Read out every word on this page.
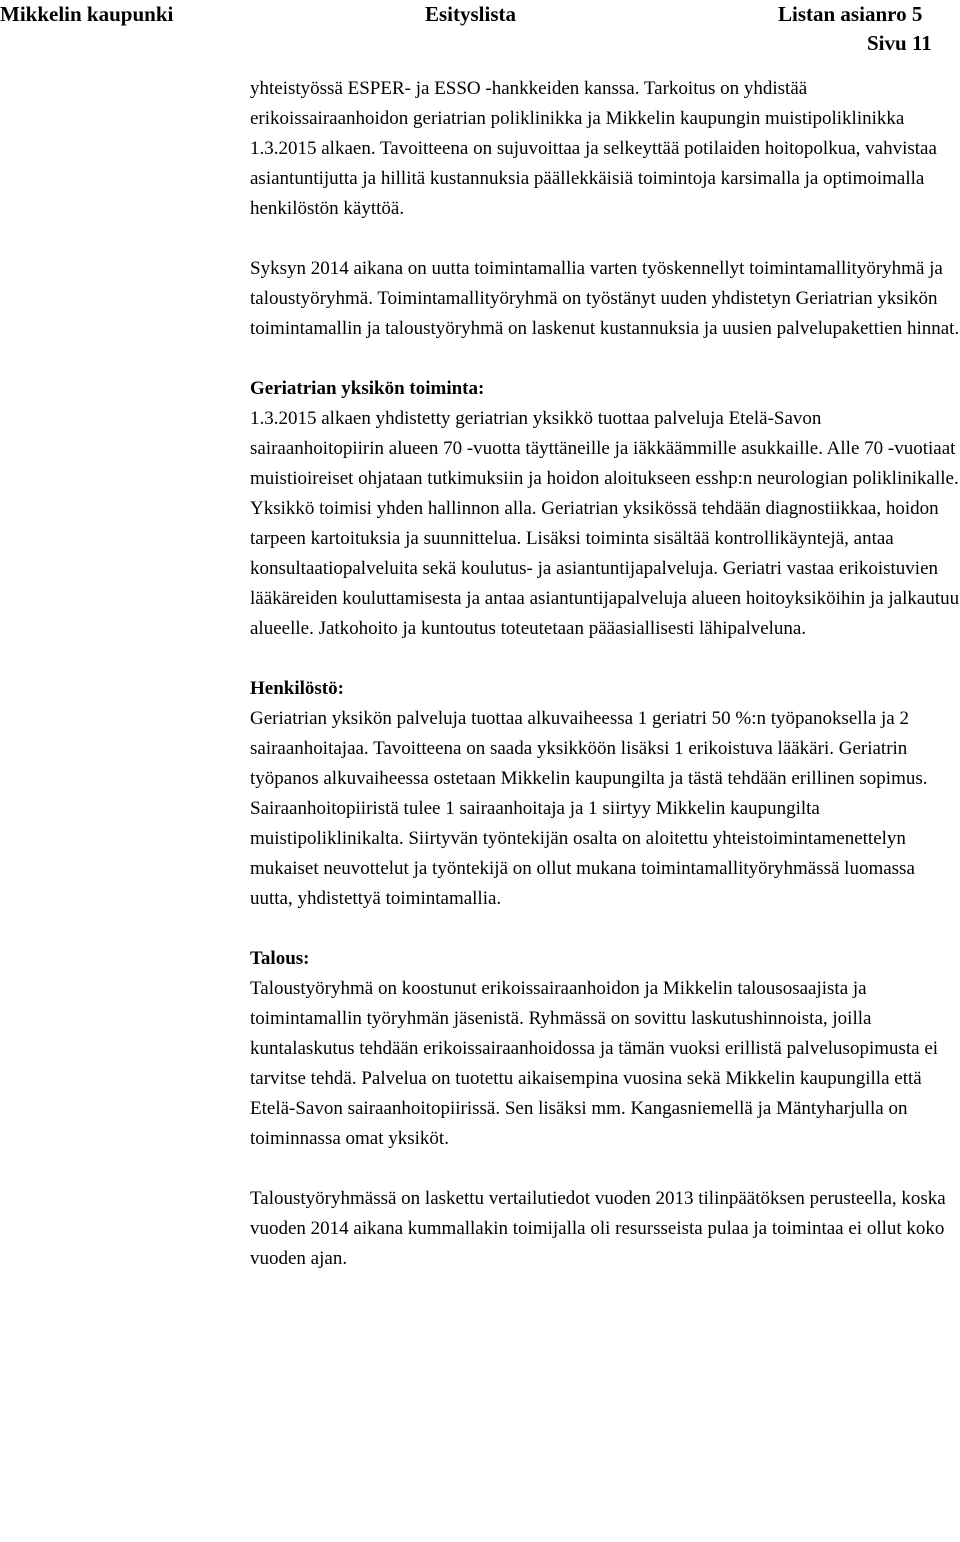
Mikkelin kaupunki	Esityslista	Listan asianro 5
Sivu 11

yhteistyössä ESPER- ja ESSO -hankkeiden kanssa. Tarkoitus on yhdistää erikoissairaanhoidon geriatrian poliklinikka ja Mikkelin kaupungin muistipoliklinikka 1.3.2015 alkaen. Tavoitteena on sujuvoittaa ja selkeyttää potilaiden hoitopolkua, vahvistaa asiantuntijutta ja hillitä kustannuksia päällekkäisiä toimintoja karsimalla ja optimoimalla henkilöstön käyttöä.

Syksyn 2014 aikana on uutta toimintamallia varten työskennellyt toimintamallityöryhmä ja taloustyöryhmä. Toimintamallityöryhmä on työstänyt uuden yhdistetyn Geriatrian yksikön toimintamallin ja taloustyöryhmä on laskenut kustannuksia ja uusien palvelupakettien hinnat.

Geriatrian yksikön toiminta:

1.3.2015 alkaen yhdistetty geriatrian yksikkö tuottaa palveluja Etelä-Savon sairaanhoitopiirin alueen 70 -vuotta täyttäneille ja iäkkäämmille asukkaille. Alle 70 -vuotiaat muistioireiset ohjataan tutkimuksiin ja hoidon aloitukseen esshp:n neurologian poliklinikalle. Yksikkö toimisi yhden hallinnon alla. Geriatrian yksikössä tehdään diagnostiikkaa, hoidon tarpeen kartoituksia ja suunnittelua. Lisäksi toiminta sisältää kontrollikäyntejä, antaa konsultaatiopalveluita sekä koulutus- ja asiantuntijapalveluja. Geriatri vastaa erikoistuvien lääkäreiden kouluttamisesta ja antaa asiantuntijapalveluja alueen hoitoyksiköihin ja jalkautuu alueelle. Jatkohoito ja kuntoutus toteutetaan pääasiallisesti lähipalveluna.

Henkilöstö:

Geriatrian yksikön palveluja tuottaa alkuvaiheessa 1 geriatri 50 %:n työpanoksella ja 2 sairaanhoitajaa. Tavoitteena on saada yksikköön lisäksi 1 erikoistuva lääkäri. Geriatrin työpanos alkuvaiheessa ostetaan Mikkelin kaupungilta ja tästä tehdään erillinen sopimus. Sairaanhoitopiiristä tulee 1 sairaanhoitaja ja 1 siirtyy Mikkelin kaupungilta muistipoliklinikalta. Siirtyvän työntekijän osalta on aloitettu yhteistoimintamenettelyn mukaiset neuvottelut ja työntekijä on ollut mukana toimintamallityöryhmässä luomassa uutta, yhdistettyä toimintamallia.

Talous:

Taloustyöryhmä on koostunut erikoissairaanhoidon ja Mikkelin talousosaajista ja toimintamallin työryhmän jäsenistä. Ryhmässä on sovittu laskutushinnoista, joilla kuntalaskutus tehdään erikoissairaanhoidossa ja tämän vuoksi erillistä palvelusopimusta ei tarvitse tehdä. Palvelua on tuotettu aikaisempina vuosina sekä Mikkelin kaupungilla että Etelä-Savon sairaanhoitopiirissä. Sen lisäksi mm. Kangasniemellä ja Mäntyharjulla on toiminnassa omat yksiköt.

Taloustyöryhmässä on laskettu vertailutiedot vuoden 2013 tilinpäätöksen perusteella, koska vuoden 2014 aikana kummallakin toimijalla oli resursseista pulaa ja toimintaa ei ollut koko vuoden ajan.
